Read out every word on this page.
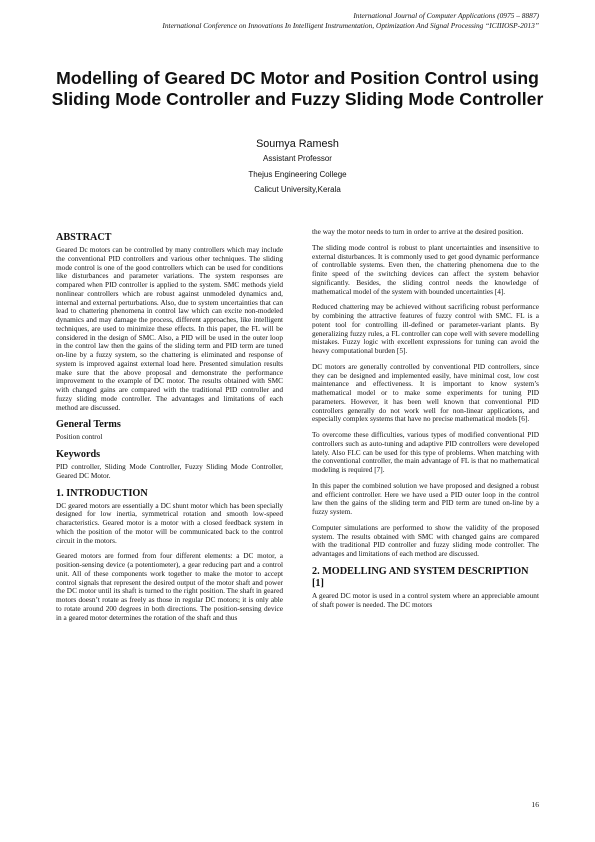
International Journal of Computer Applications (0975 – 8887)
International Conference on Innovations In Intelligent Instrumentation, Optimization And Signal Processing “ICIIIOSP-2013”
Modelling of Geared DC Motor and Position Control using Sliding Mode Controller and Fuzzy Sliding Mode Controller
Soumya Ramesh
Assistant Professor
Thejus Engineering College
Calicut University,Kerala
ABSTRACT

Geared Dc motors can be controlled by many controllers which may include the conventional PID controllers and various other techniques. The sliding mode control is one of the good controllers which can be used for conditions like disturbances and parameter variations. The system responses are compared when PID controller is applied to the system. SMC methods yield nonlinear controllers which are robust against unmodeled dynamics and, internal and external perturbations. Also, due to system uncertainties that can lead to chattering phenomena in control law which can excite non-modeled dynamics and may damage the process, different approaches, like intelligent techniques, are used to minimize these effects. In this paper, the FL will be considered in the design of SMC. Also, a PID will be used in the outer loop in the control law then the gains of the sliding term and PID term are tuned on-line by a fuzzy system, so the chattering is eliminated and response of system is improved against external load here. Presented simulation results make sure that the above proposal and demonstrate the performance improvement to the example of DC motor. The results obtained with SMC with changed gains are compared with the traditional PID controller and fuzzy sliding mode controller. The advantages and limitations of each method are discussed.

General Terms

Position control

Keywords

PID controller, Sliding Mode Controller, Fuzzy Sliding Mode Controller, Geared DC Motor.

1. INTRODUCTION

DC geared motors are essentially a DC shunt motor which has been specially designed for low inertia, symmetrical rotation and smooth low-speed characteristics. Geared motor is a motor with a closed feedback system in which the position of the motor will be communicated back to the control circuit in the motors.

Geared motors are formed from four different elements: a DC motor, a position-sensing device (a potentiometer), a gear reducing part and a control unit. All of these components work together to make the motor to accept control signals that represent the desired output of the motor shaft and power the DC motor until its shaft is turned to the right position. The shaft in geared motors doesn’t rotate as freely as those in regular DC motors; it is only able to rotate around 200 degrees in both directions. The position-sensing device in a geared motor determines the rotation of the shaft and thus

the way the motor needs to turn in order to arrive at the desired position.

The sliding mode control is robust to plant uncertainties and insensitive to external disturbances. It is commonly used to get good dynamic performance of controllable systems. Even then, the chattering phenomena due to the finite speed of the switching devices can affect the system behavior significantly. Besides, the sliding control needs the knowledge of mathematical model of the system with bounded uncertainties [4].

Reduced chattering may be achieved without sacrificing robust performance by combining the attractive features of fuzzy control with SMC. FL is a potent tool for controlling ill-defined or parameter-variant plants. By generalizing fuzzy rules, a FL controller can cope well with severe modelling mistakes. Fuzzy logic with excellent expressions for tuning can avoid the heavy computational burden [5].

DC motors are generally controlled by conventional PID controllers, since they can be designed and implemented easily, have minimal cost, low cost maintenance and effectiveness. It is important to know system’s mathematical model or to make some experiments for tuning PID parameters. However, it has been well known that conventional PID controllers generally do not work well for non-linear applications, and especially complex systems that have no precise mathematical models [6].

To overcome these difficulties, various types of modified conventional PID controllers such as auto-tuning and adaptive PID controllers were developed lately. Also FLC can be used for this type of problems. When matching with the conventional controller, the main advantage of FL is that no mathematical modeling is required [7].

In this paper the combined solution we have proposed and designed a robust and efficient controller. Here we have used a PID outer loop in the control law then the gains of the sliding term and PID term are tuned on-line by a fuzzy system.

Computer simulations are performed to show the validity of the proposed system. The results obtained with SMC with changed gains are compared with the traditional PID controller and fuzzy sliding mode controller. The advantages and limitations of each method are discussed.

2. MODELLING AND SYSTEM DESCRIPTION [1]

A geared DC motor is used in a control system where an appreciable amount of shaft power is needed. The DC motors

16
